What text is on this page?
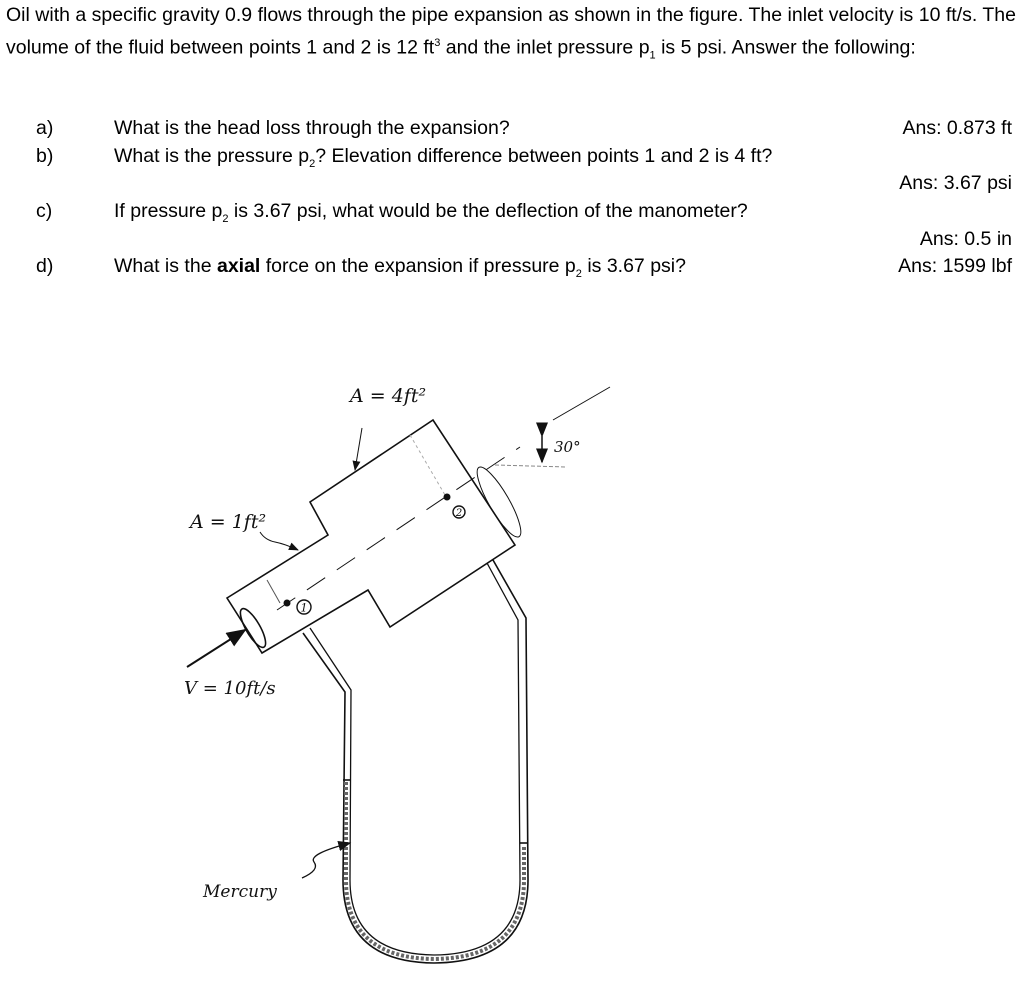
Oil with a specific gravity 0.9 flows through the pipe expansion as shown in the figure. The inlet velocity is 10 ft/s. The volume of the fluid between points 1 and 2 is 12 $ft^3$ and the inlet pressure $p_1$ is 5 psi. Answer the following:
a)	What is the head loss through the expansion?	Ans: 0.873 ft
b)	What is the pressure $p_2$? Elevation difference between points 1 and 2 is 4 ft?
Ans: 3.67 psi
c)	If pressure $p_2$ is 3.67 psi, what would be the deflection of the manometer?
Ans: 0.5 in
d)	What is the axial force on the expansion if pressure $p_2$ is 3.67 psi?	Ans: 1599 lbf
1
2
A = 4ft²
A = 1ft²
V = 10ft/s
30°
Mercury
